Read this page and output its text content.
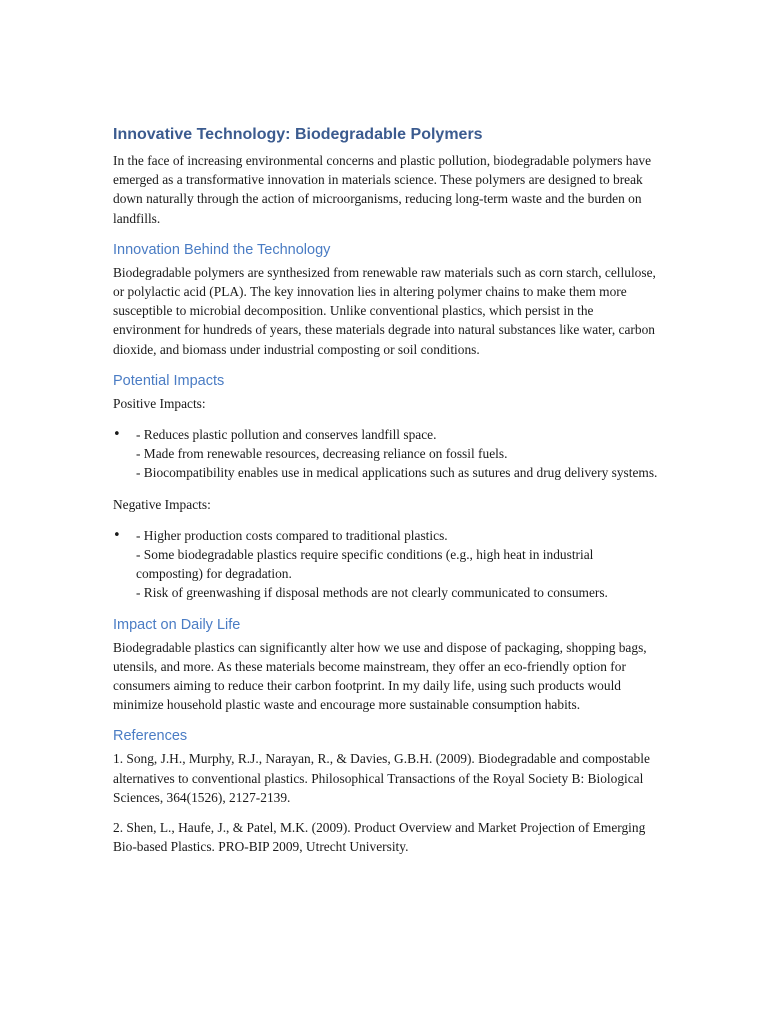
Innovative Technology: Biodegradable Polymers

In the face of increasing environmental concerns and plastic pollution, biodegradable polymers have emerged as a transformative innovation in materials science. These polymers are designed to break down naturally through the action of microorganisms, reducing long-term waste and the burden on landfills.

Innovation Behind the Technology

Biodegradable polymers are synthesized from renewable raw materials such as corn starch, cellulose, or polylactic acid (PLA). The key innovation lies in altering polymer chains to make them more susceptible to microbial decomposition. Unlike conventional plastics, which persist in the environment for hundreds of years, these materials degrade into natural substances like water, carbon dioxide, and biomass under industrial composting or soil conditions.

Potential Impacts

Positive Impacts:

• - Reduces plastic pollution and conserves landfill space.
- Made from renewable resources, decreasing reliance on fossil fuels.
- Biocompatibility enables use in medical applications such as sutures and drug delivery systems.

Negative Impacts:

• - Higher production costs compared to traditional plastics.
- Some biodegradable plastics require specific conditions (e.g., high heat in industrial composting) for degradation.
- Risk of greenwashing if disposal methods are not clearly communicated to consumers.
Impact on Daily Life

Biodegradable plastics can significantly alter how we use and dispose of packaging, shopping bags, utensils, and more. As these materials become mainstream, they offer an eco-friendly option for consumers aiming to reduce their carbon footprint. In my daily life, using such products would minimize household plastic waste and encourage more sustainable consumption habits.

References

1. Song, J.H., Murphy, R.J., Narayan, R., & Davies, G.B.H. (2009). Biodegradable and compostable alternatives to conventional plastics. Philosophical Transactions of the Royal Society B: Biological Sciences, 364(1526), 2127-2139.

2. Shen, L., Haufe, J., & Patel, M.K. (2009). Product Overview and Market Projection of Emerging Bio-based Plastics. PRO-BIP 2009, Utrecht University.
